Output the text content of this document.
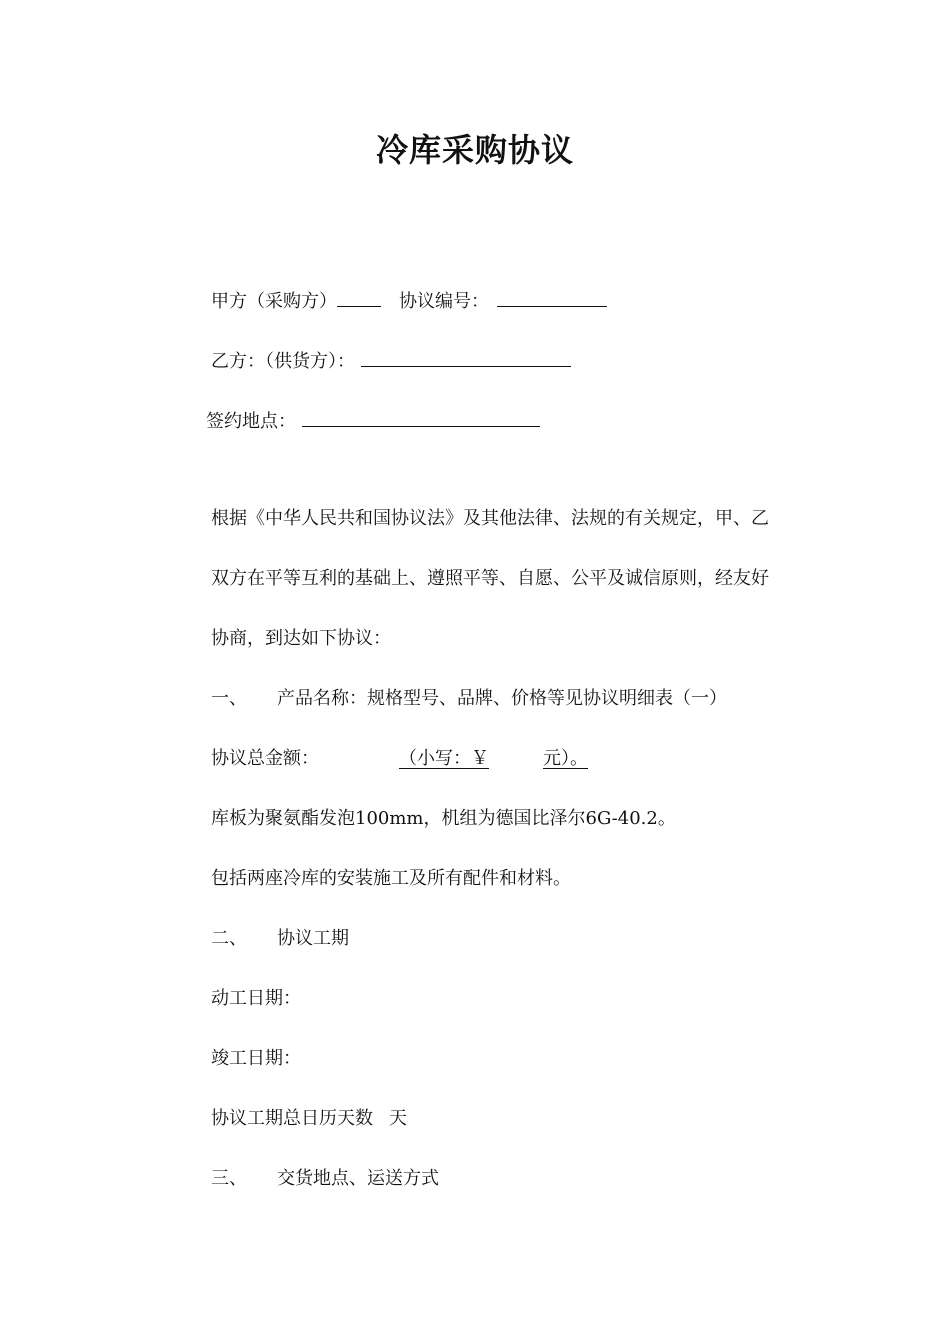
冷库采购协议
甲方（采购方）	协议编号：
乙方：（供货方）：
签约地点：
根据《中华人民共和国协议法》及其他法律、法规的有关规定，甲、乙
双方在平等互利的基础上、遵照平等、自愿、公平及诚信原则，经友好
协商，到达如下协议：
一、 产品名称：规格型号、品牌、价格等见协议明细表（一）
协议总金额：	（小写：￥	元）。
库板为聚氨酯发泡100mm，机组为德国比泽尔6G-40.2。
包括两座冷库的安装施工及所有配件和材料。
二、 协议工期
动工日期：
竣工日期：
协议工期总日历天数 天
三、 交货地点、运送方式
